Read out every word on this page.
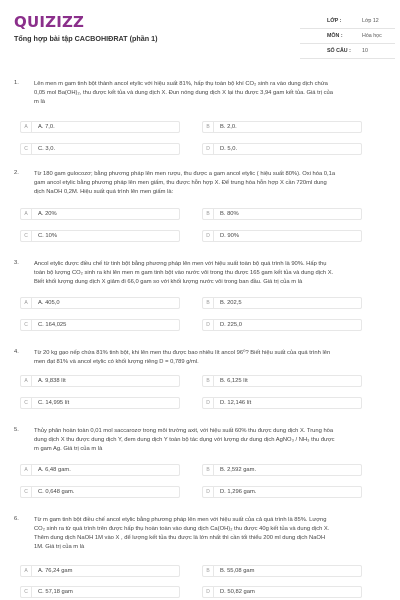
QUIZIZZ
Tổng hợp bài tập CACBOHIĐRAT (phần 1)
LỚP :	Lớp 12
MÔN :	Hóa học
SỐ CÂU : 10
1.	Lên men m gam tinh bột thành ancol etylic với hiệu suất 81%, hấp thụ toàn bộ khí CO₂ sinh ra vào dung dịch chứa
0,05 mol Ba(OH)₂, thu được kết tủa và dung dịch X. Đun nóng dung dịch X lại thu được 3,94 gam kết tủa. Giá trị của
m là
A	A. 7,0.	B	B. 2,0.
C	C. 3,0.	D	D. 5,0.
2.	Từ 180 gam gulocozơ; bằng phương pháp lên men rượu, thu được a gam ancol etylic ( hiệu suất 80%). Oxi hóa 0,1a
gam ancol etylic bằng phương pháp lên men giấm, thu được hỗn hợp X. Để trung hòa hỗn hợp X cần 720ml dung
dịch NaOH 0,2M. Hiệu suất quá trình lên men giấm là:
A	A. 20%	B	B. 80%
C	C. 10%	D	D. 90%
3.	Ancol etylic được điều chế từ tinh bột bằng phương pháp lên men với hiệu suất toàn bộ quá trình là 90%. Hấp thụ
toàn bộ lượng CO₂ sinh ra khi lên men m gam tinh bột vào nước vôi trong thu được 165 gam kết tủa và dung dịch X.
Biết khối lượng dung dịch X giảm đi 66,0 gam so với khối lượng nước vôi trong ban đầu. Giá trị của m là
A	A. 405,0	B	B. 202,5
C	C. 164,025	D	D. 225,0
4.	Từ 20 kg gạo nếp chứa 81% tinh bột, khi lên men thu được bao nhiêu lít ancol 96⁰? Biết hiệu suất của quá trình lên
men đạt 81% và ancol etylic có khối lượng riêng D = 0,789 g/ml.
A	A. 9,838 lít	B	B. 6,125 lít
C	C. 14,995 lít	D	D. 12,146 lít
5.	Thủy phân hoàn toàn 0,01 mol saccarozơ trong môi trường axit, với hiệu suất 60% thu được dung dịch X. Trung hòa
dung dịch X thu được dung dịch Y, đem dung dịch Y toàn bộ tác dụng với lượng dư dung dịch AgNO₃ / NH₃ thu được
m gam Ag. Giá trị của m là
A	A. 6,48 gam.	B	B. 2,592 gam.
C	C. 0,648 gam.	D	D. 1,296 gam.
6.	Từ m gam tinh bột điều chế ancol etylic bằng phương pháp lên men với hiệu suất của cả quá trình là 85%. Lượng
CO₂ sinh ra từ quá trình trên được hấp thụ hoàn toàn vào dung dịch Ca(OH)₂ thu được 40g kết tủa và dung dịch X.
Thêm dung dịch NaOH 1M vào X , để lượng kết tủa thu được là lớn nhất thì cần tối thiểu 200 ml dung dịch NaOH
1M. Giá trị của m là
A	A. 76,24 gam	B	B. 55,08 gam
C	C. 57,18 gam	D	D. 50,82 gam
